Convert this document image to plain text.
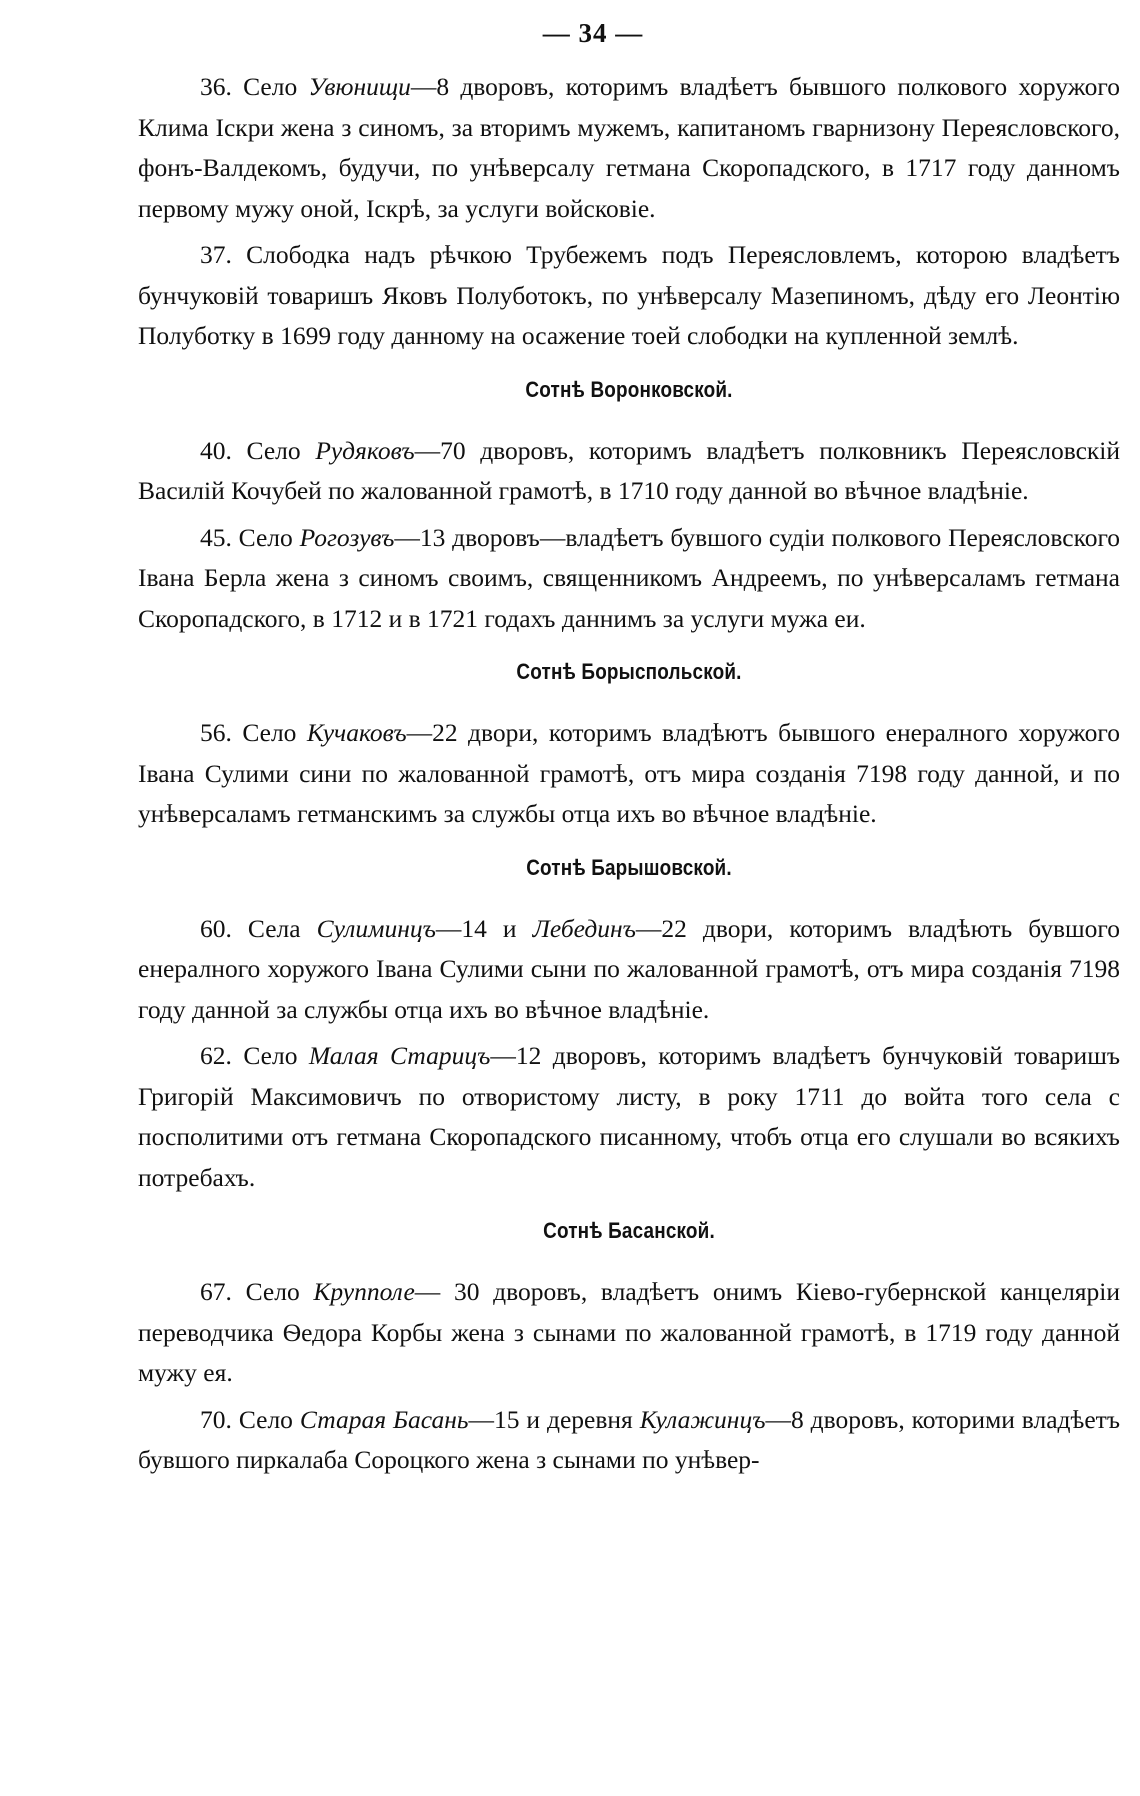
— 34 —

36. Село Увюнищи—8 дворовъ, которимъ владѣетъ бывшого полкового хоружого Клима Іскри жена з синомъ, за вторимъ мужемъ, капитаномъ гварнизону Переясловского, фонъ-Валдекомъ, будучи, по унѣверсалу гетмана Скоропадского, в 1717 году данномъ первому мужу оной, Іскрѣ, за услуги войсковіе.

37. Слободка надъ рѣчкою Трубежемъ подъ Переясловлемъ, которою владѣетъ бунчуковій товаришъ Яковъ Полуботокъ, по унѣверсалу Мазепиномъ, дѣду его Леонтію Полуботку в 1699 году данному на осажение тоей слободки на купленной землѣ.

Сотнѣ Воронковской.

40. Село Рудяковъ—70 дворовъ, которимъ владѣетъ полковникъ Переясловскій Василій Кочубей по жалованной грамотѣ, в 1710 году данной во вѣчное владѣніе.

45. Село Рогозувъ—13 дворовъ—владѣетъ бувшого судіи полкового Переясловского Івана Берла жена з синомъ своимъ, священникомъ Андреемъ, по унѣверсаламъ гетмана Скоропадского, в 1712 и в 1721 годахъ даннимъ за услуги мужа еи.

Сотнѣ Борыспольской.

56. Село Кучаковъ—22 двори, которимъ владѣютъ бывшого енералного хоружого Івана Сулими сини по жалованной грамотѣ, отъ мира созданія 7198 году данной, и по унѣверсаламъ гетманскимъ за службы отца ихъ во вѣчное владѣніе.

Сотнѣ Барышовской.

60. Села Сулиминцъ—14 и Лебединъ—22 двори, которимъ владѣють бувшого енералного хоружого Івана Сулими сыни по жалованной грамотѣ, отъ мира созданія 7198 году данной за службы отца ихъ во вѣчное владѣніе.

62. Село Малая Старицъ—12 дворовъ, которимъ владѣетъ бунчуковій товаришъ Григорій Максимовичъ по отвористому листу, в року 1711 до войта того села с посполитими отъ гетмана Скоропадского писанному, чтобъ отца его слушали во всякихъ потребахъ.

Сотнѣ Басанской.

67. Село Крупполе— 30 дворовъ, владѣетъ онимъ Кіево-губернской канцеляріи переводчика Ѳедора Корбы жена з сынами по жалованной грамотѣ, в 1719 году данной мужу ея.

70. Село Старая Басань—15 и деревня Кулажинцъ—8 дворовъ, которими владѣетъ бувшого пиркалаба Сороцкого жена з сынами по унѣвер-
